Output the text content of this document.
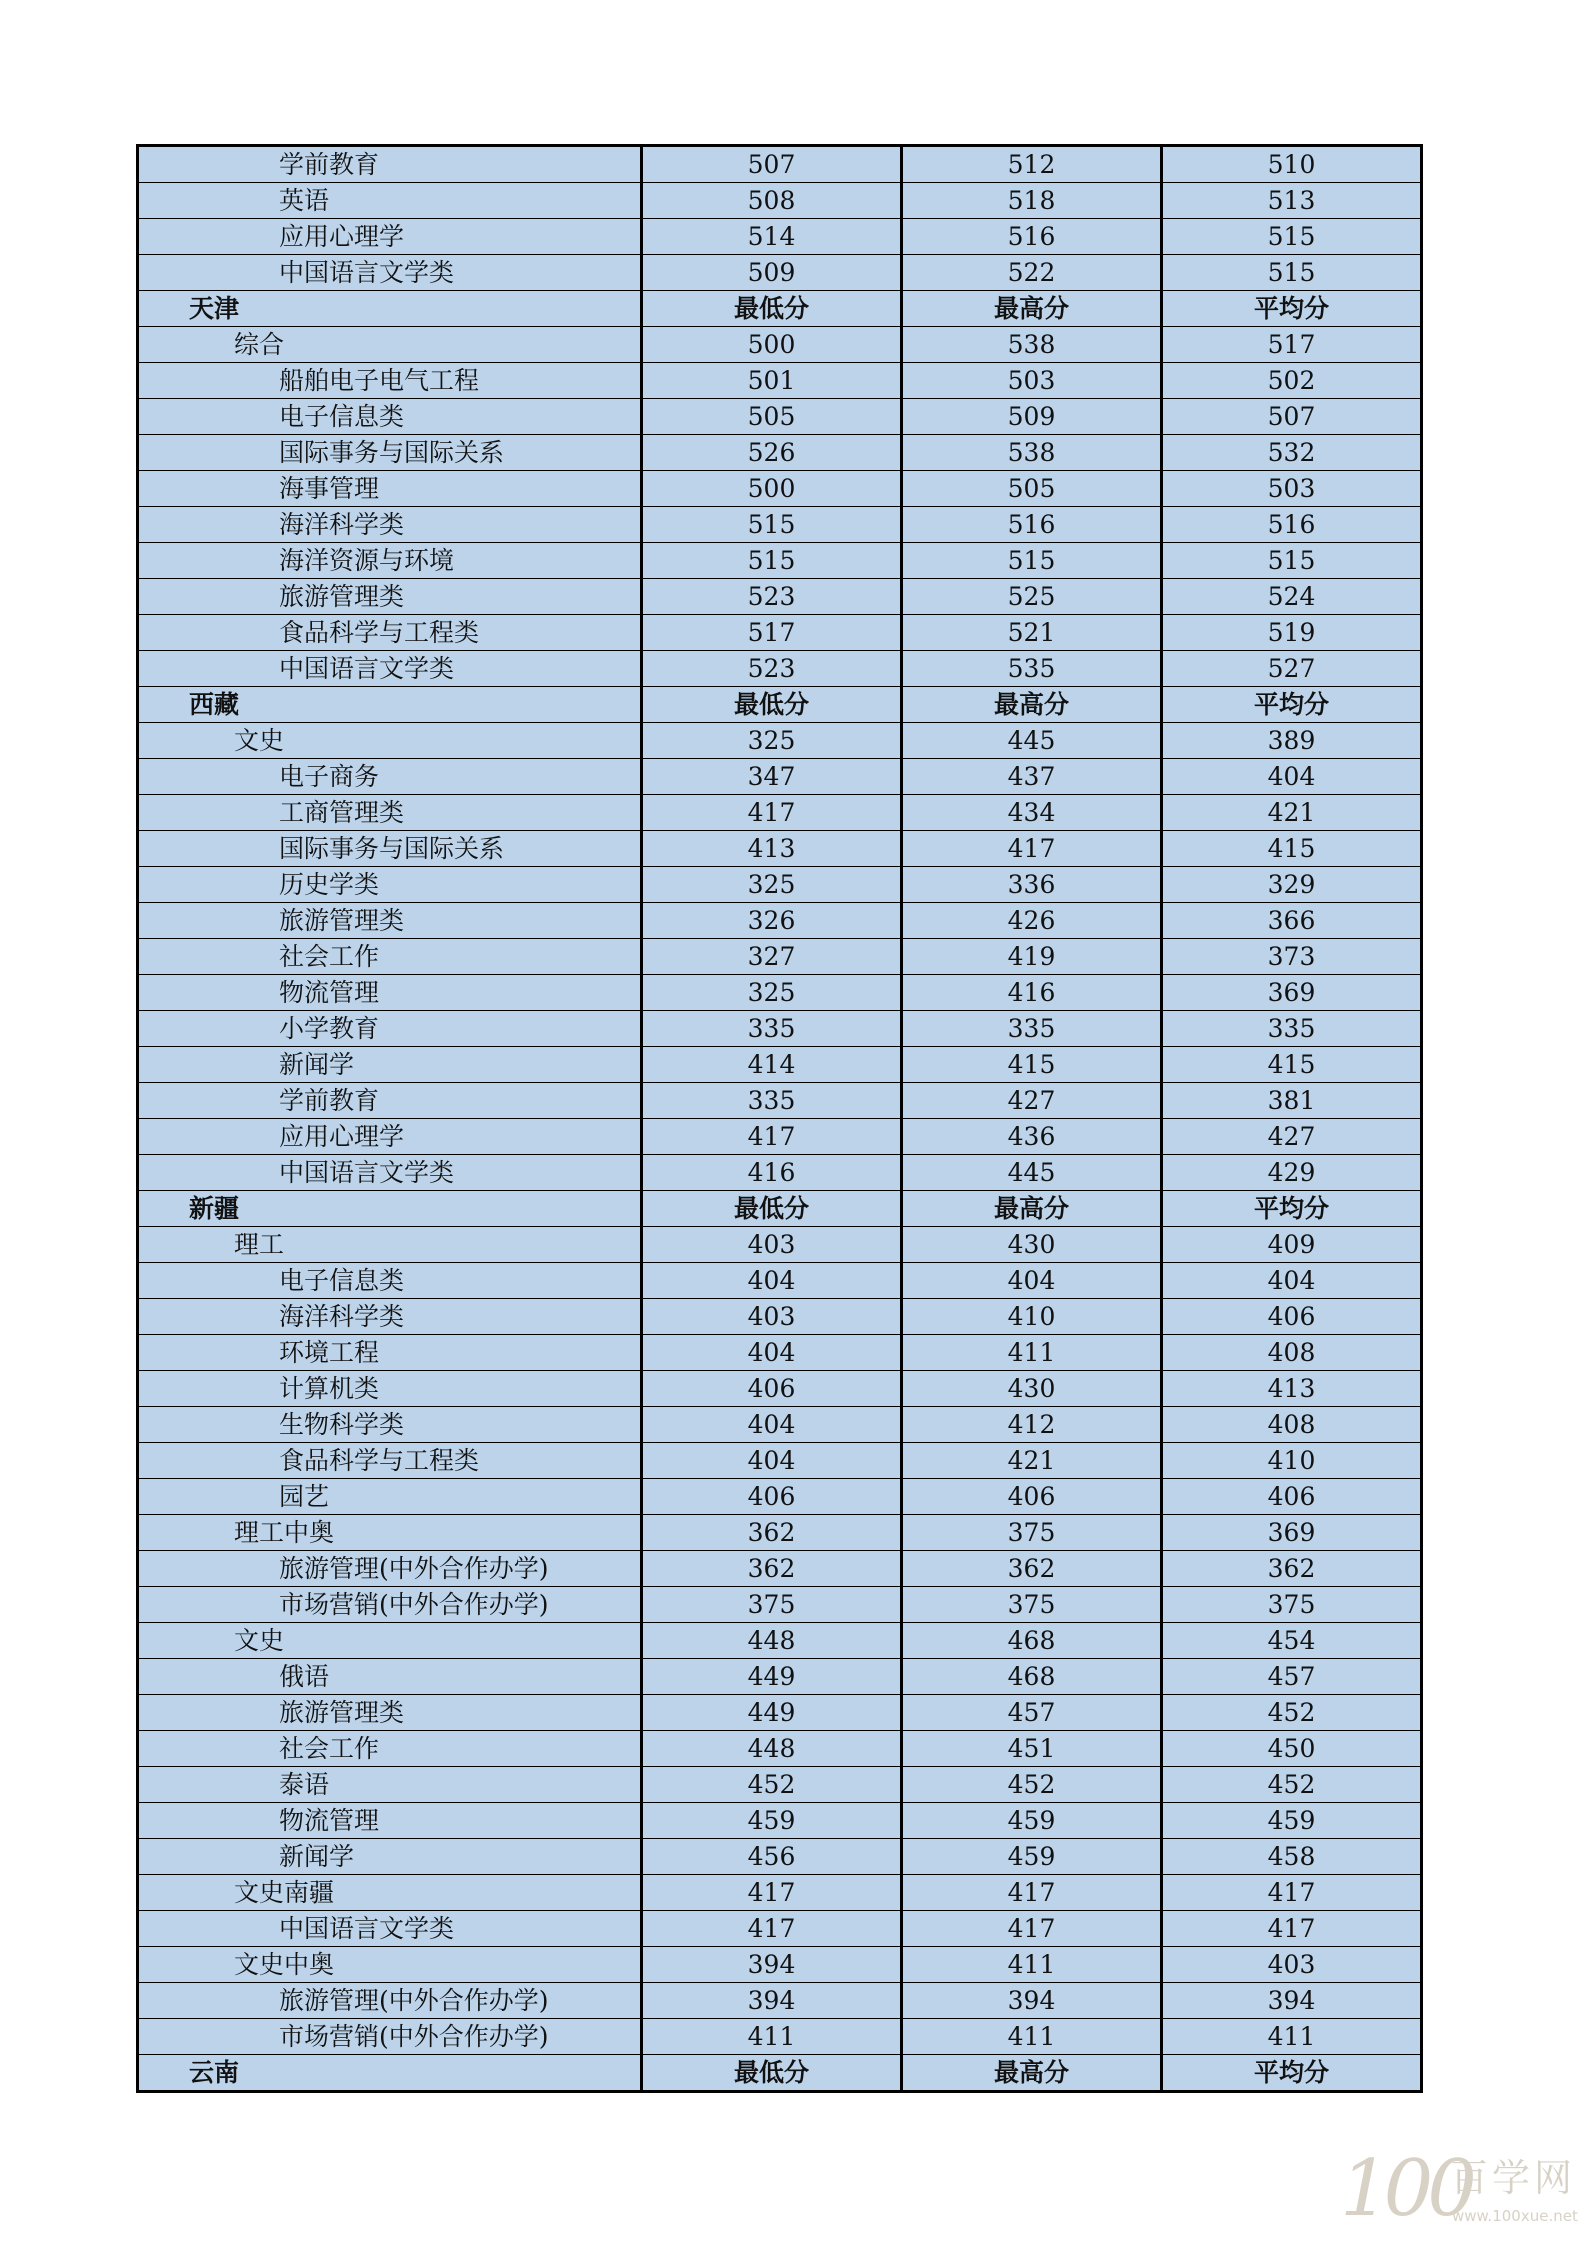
学前教育	507	512	510
英语	508	518	513
应用心理学	514	516	515
中国语言文学类	509	522	515
天津	最低分	最高分	平均分
综合	500	538	517
船舶电子电气工程	501	503	502
电子信息类	505	509	507
国际事务与国际关系	526	538	532
海事管理	500	505	503
海洋科学类	515	516	516
海洋资源与环境	515	515	515
旅游管理类	523	525	524
食品科学与工程类	517	521	519
中国语言文学类	523	535	527
西藏	最低分	最高分	平均分
文史	325	445	389
电子商务	347	437	404
工商管理类	417	434	421
国际事务与国际关系	413	417	415
历史学类	325	336	329
旅游管理类	326	426	366
社会工作	327	419	373
物流管理	325	416	369
小学教育	335	335	335
新闻学	414	415	415
学前教育	335	427	381
应用心理学	417	436	427
中国语言文学类	416	445	429
新疆	最低分	最高分	平均分
理工	403	430	409
电子信息类	404	404	404
海洋科学类	403	410	406
环境工程	404	411	408
计算机类	406	430	413
生物科学类	404	412	408
食品科学与工程类	404	421	410
园艺	406	406	406
理工中奥	362	375	369
旅游管理(中外合作办学)	362	362	362
市场营销(中外合作办学)	375	375	375
文史	448	468	454
俄语	449	468	457
旅游管理类	449	457	452
社会工作	448	451	450
泰语	452	452	452
物流管理	459	459	459
新闻学	456	459	458
文史南疆	417	417	417
中国语言文学类	417	417	417
文史中奥	394	411	403
旅游管理(中外合作办学)	394	394	394
市场营销(中外合作办学)	411	411	411
云南	最低分	最高分	平均分
100
百学网
www.100xue.net
